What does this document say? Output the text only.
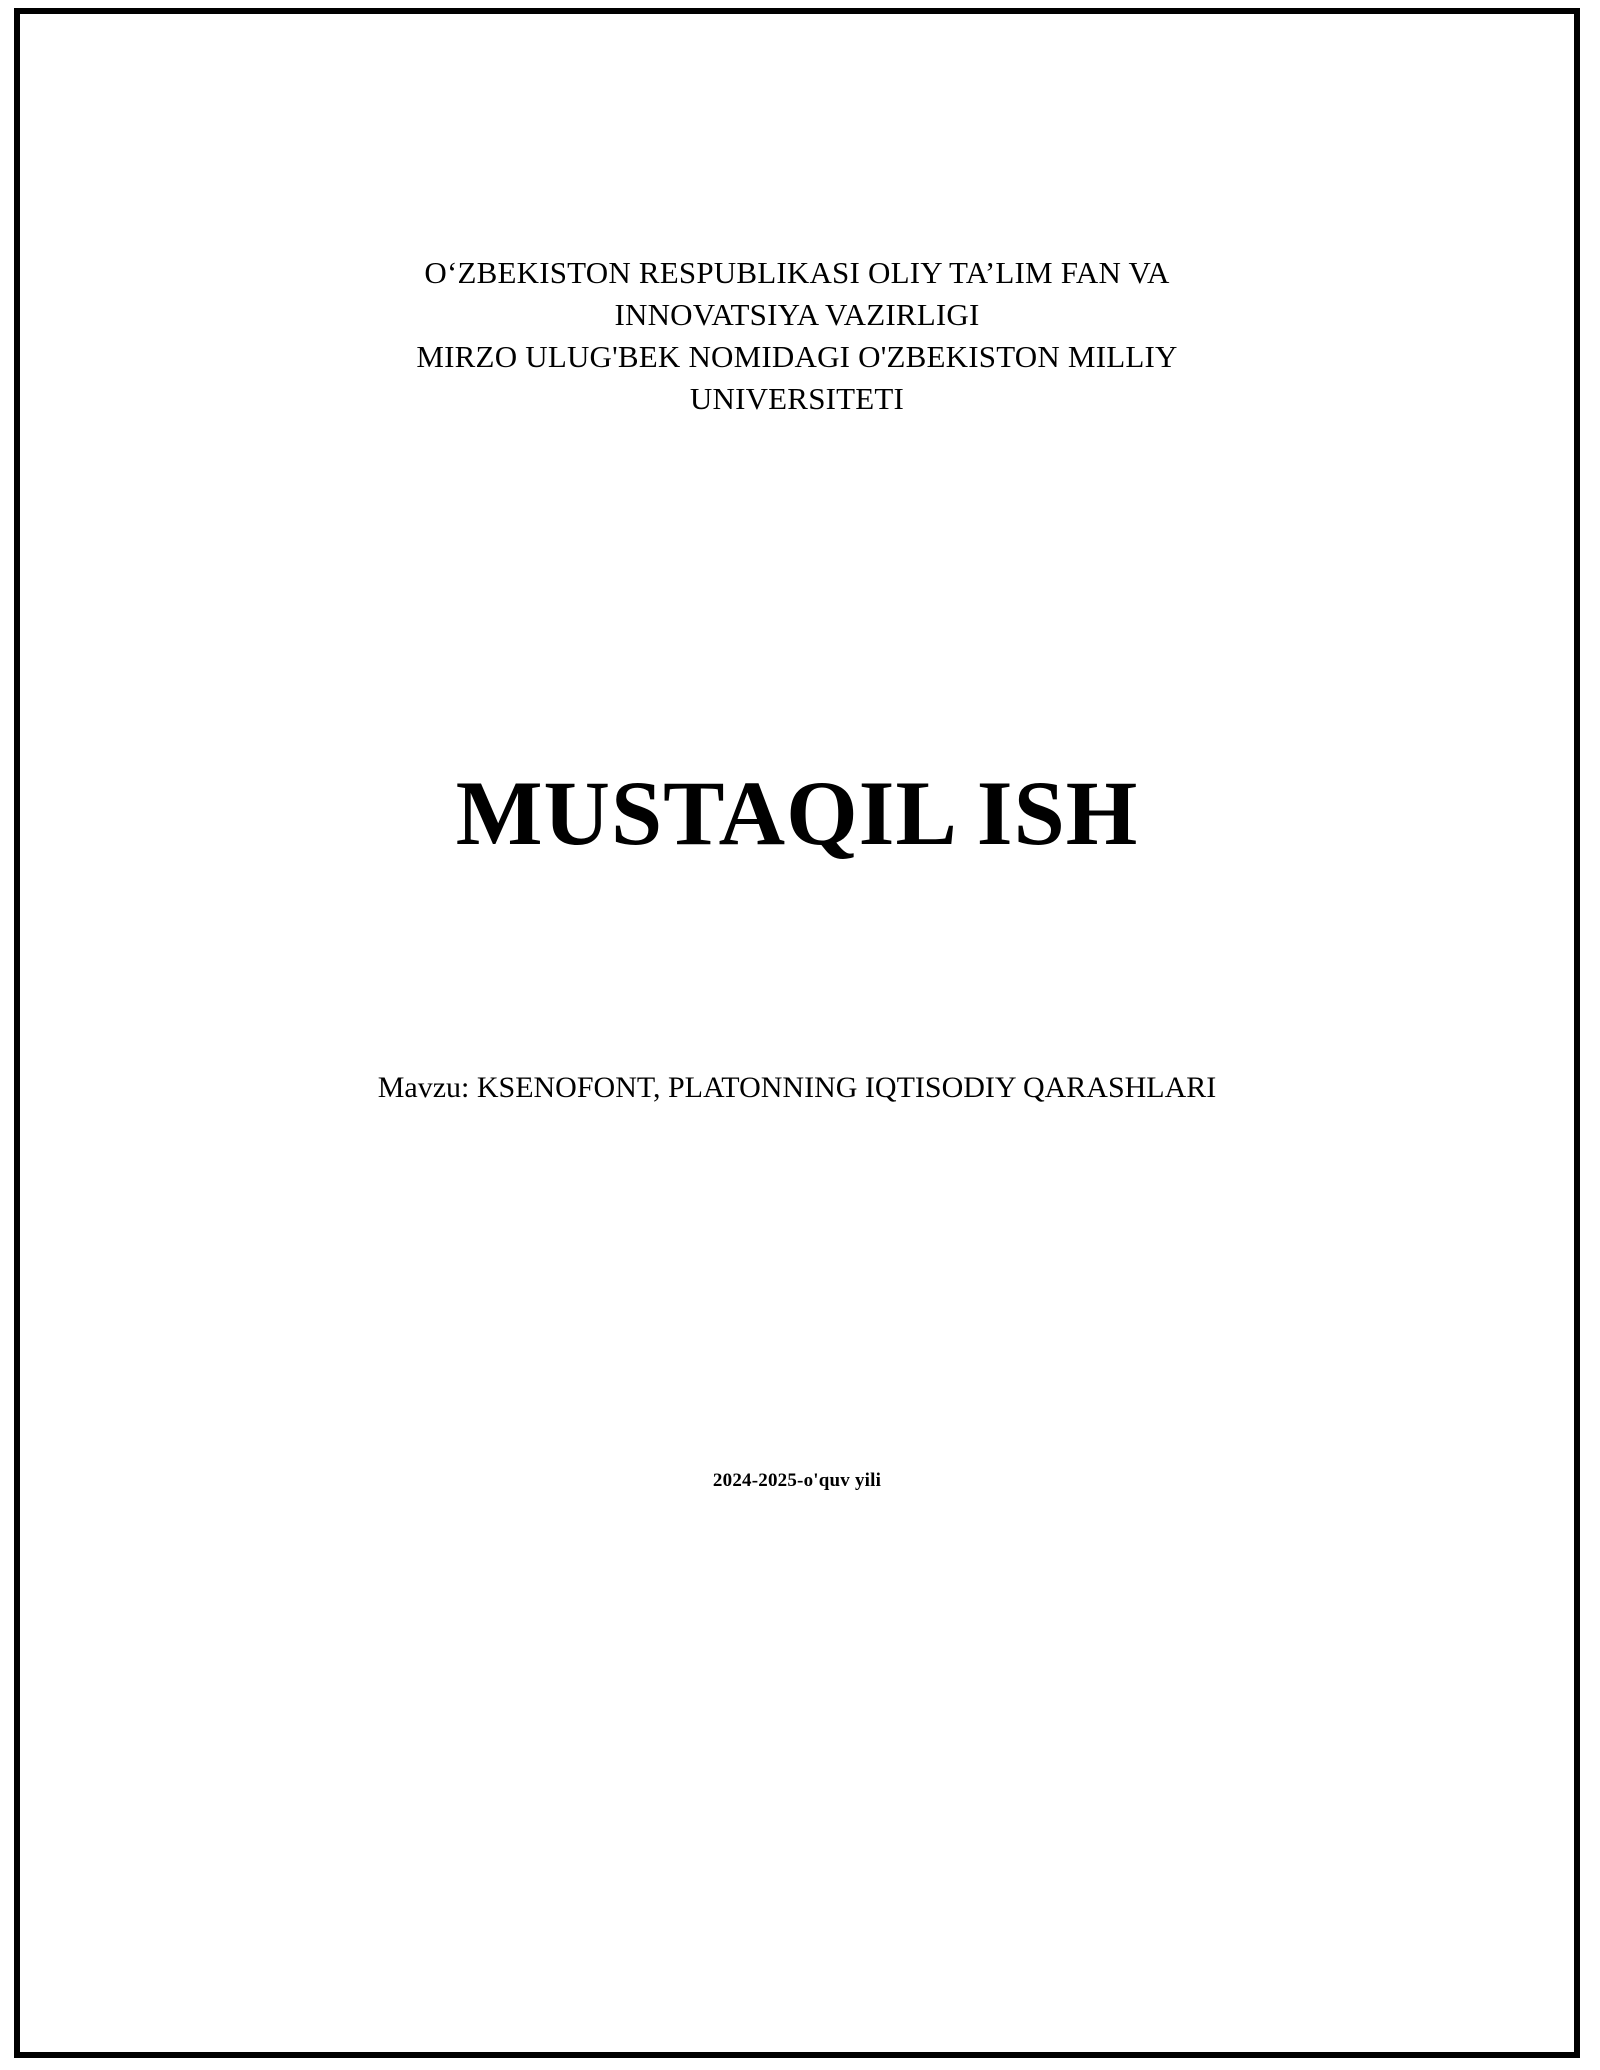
O‘ZBEKISTON RESPUBLIKASI OLIY TA’LIM FAN VA
INNOVATSIYA VAZIRLIGI
MIRZO ULUG'BEK NOMIDAGI O'ZBEKISTON MILLIY
UNIVERSITETI
MUSTAQIL ISH
Mavzu: KSENOFONT, PLATONNING IQTISODIY QARASHLARI
2024-2025-o'quv yili
